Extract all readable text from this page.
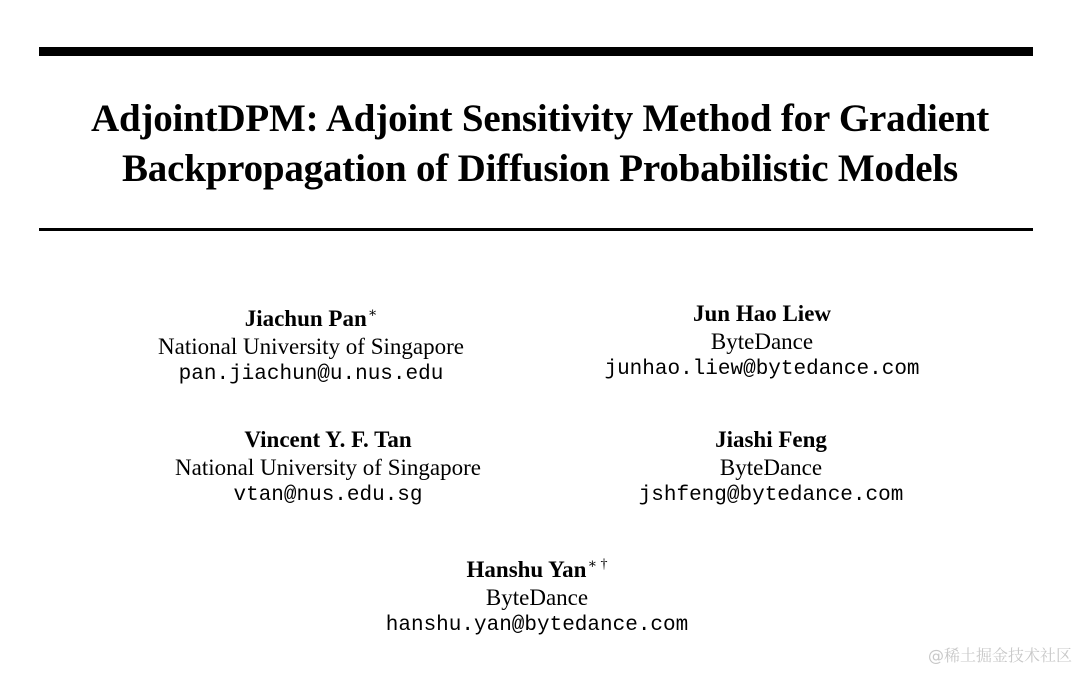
AdjointDPM: Adjoint Sensitivity Method for Gradient
Backpropagation of Diffusion Probabilistic Models
Jiachun Pan∗
National University of Singapore
pan.jiachun@u.nus.edu
Jun Hao Liew
ByteDance
junhao.liew@bytedance.com
Vincent Y. F. Tan
National University of Singapore
vtan@nus.edu.sg
Jiashi Feng
ByteDance
jshfeng@bytedance.com
Hanshu Yan∗ †
ByteDance
hanshu.yan@bytedance.com
@稀土掘金技术社区
